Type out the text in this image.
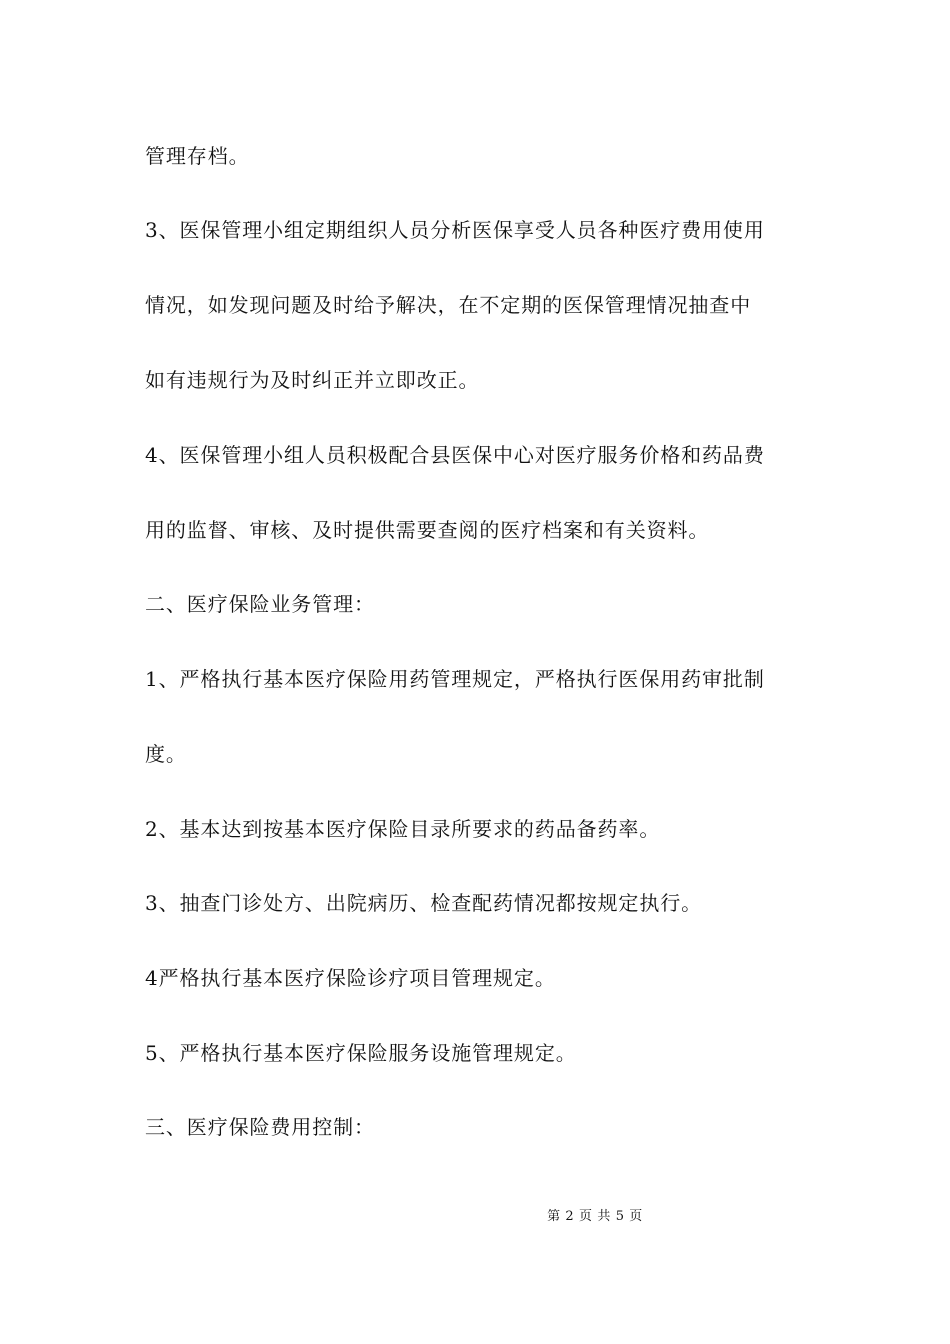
管理存档。
3、医保管理小组定期组织人员分析医保享受人员各种医疗费用使用
情况，如发现问题及时给予解决，在不定期的医保管理情况抽查中
如有违规行为及时纠正并立即改正。
4、医保管理小组人员积极配合县医保中心对医疗服务价格和药品费
用的监督、审核、及时提供需要查阅的医疗档案和有关资料。
二、医疗保险业务管理：
1、严格执行基本医疗保险用药管理规定，严格执行医保用药审批制
度。
2、基本达到按基本医疗保险目录所要求的药品备药率。
3、抽查门诊处方、出院病历、检查配药情况都按规定执行。
4严格执行基本医疗保险诊疗项目管理规定。
5、严格执行基本医疗保险服务设施管理规定。
三、医疗保险费用控制：
第 2 页 共 5 页
